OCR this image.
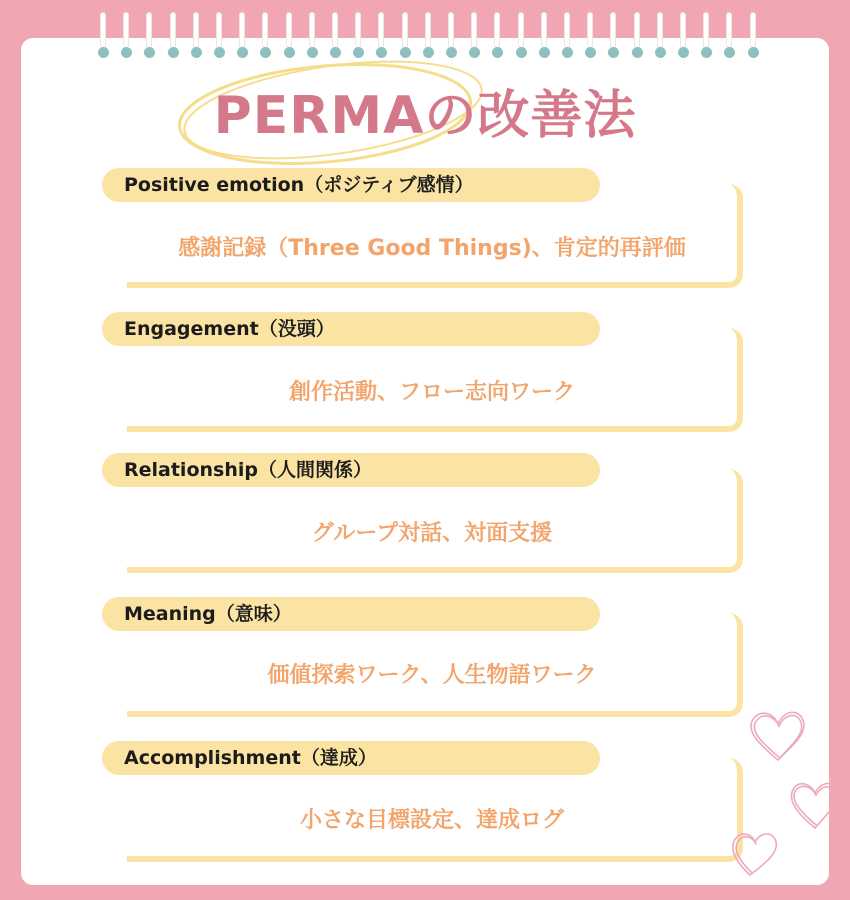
PERMAの改善法
Positive emotion（ポジティブ感情）
感謝記録（Three Good Things)、肯定的再評価
Engagement（没頭）
創作活動、フロー志向ワーク
Relationship（人間関係）
グループ対話、対面支援
Meaning（意味）
価値探索ワーク、人生物語ワーク
Accomplishment（達成）
小さな目標設定、達成ログ
